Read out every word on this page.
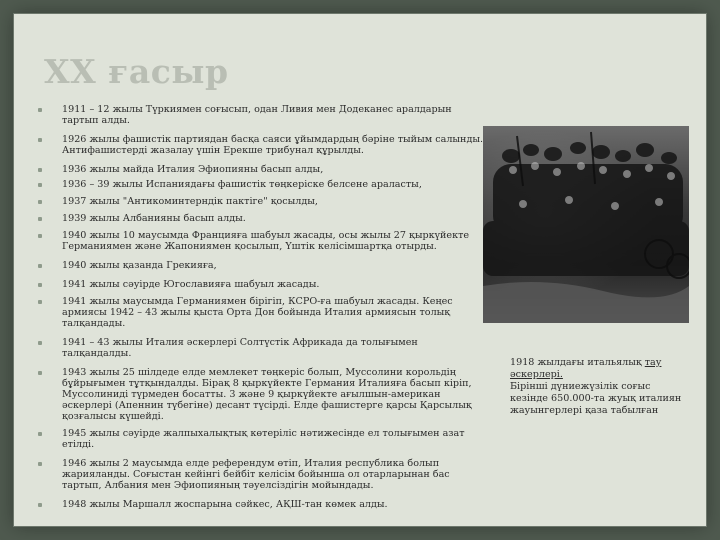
XX ғасыр
1911 – 12 жылы Түркиямен соғысып, одан Ливия мен Додеканес аралдарын тартып алды.
1926 жылы фашистік партиядан басқа саяси ұйымдардың бәріне тыйым салынды. Антифашистерді жазалау үшін Ерекше трибунал құрылды.
1936 жылы майда Италия Эфиопияны басып алды,
1936 – 39 жылы Испаниядағы фашистік төңкеріске белсене араласты,
1937 жылы "Антикоминтерндік пактіге" қосылды,
1939 жылы Албанияны басып алды.
1940 жылы 10 маусымда Францияға шабуыл жасады, осы жылы 27 қыркүйекте Германиямен және Жапониямен қосылып, Үштік келісімшартқа отырды.
1940 жылы қазанда Грекияға,
1941 жылы сәуірде Югославияға шабуыл жасады.
1941 жылы маусымда Германиямен бірігіп, КСРО-ға шабуыл жасады. Кеңес армиясы 1942 – 43 жылы қыста Орта Дон бойында Италия армиясын толық талқандады.
1941 – 43 жылы Италия әскерлері Солтүстік Африкада да толығымен талқандалды.
1943 жылы 25 шілдеде елде мемлекет төңкеріс болып, Муссолини корольдің бұйрығымен тұтқындалды. Бірақ 8 қыркүйекте Германия Италияға басып кіріп, Муссолиниді түрмеден босатты. 3 және 9 қыркүйекте ағылшын-америкaн әскерлері (Апеннин түбегіне) десант түсірді. Елде фашистерге қарсы Қарсылық қозғалысы күшейді.
1945 жылы сәуірде жалпыхалықтық көтеріліс нәтижесінде ел толығымен азат етілді.
1946 жылы 2 маусымда елде референдум өтіп, Италия республика болып жарияланды. Соғыстан кейінгі бейбіт келісім бойынша ол отарларынан бас тартып, Албания мен Эфиопияның тәуелсіздігін мойындады.
1948 жылы Маршалл жоспарына сәйкес, АҚШ-тан көмек алды.
1918 жылдағы итальялық тау әскерлері.
Бірінші дүниежүзілік соғыс кезінде 650.000-та жуық италиян жауынгерлері қаза табылған
